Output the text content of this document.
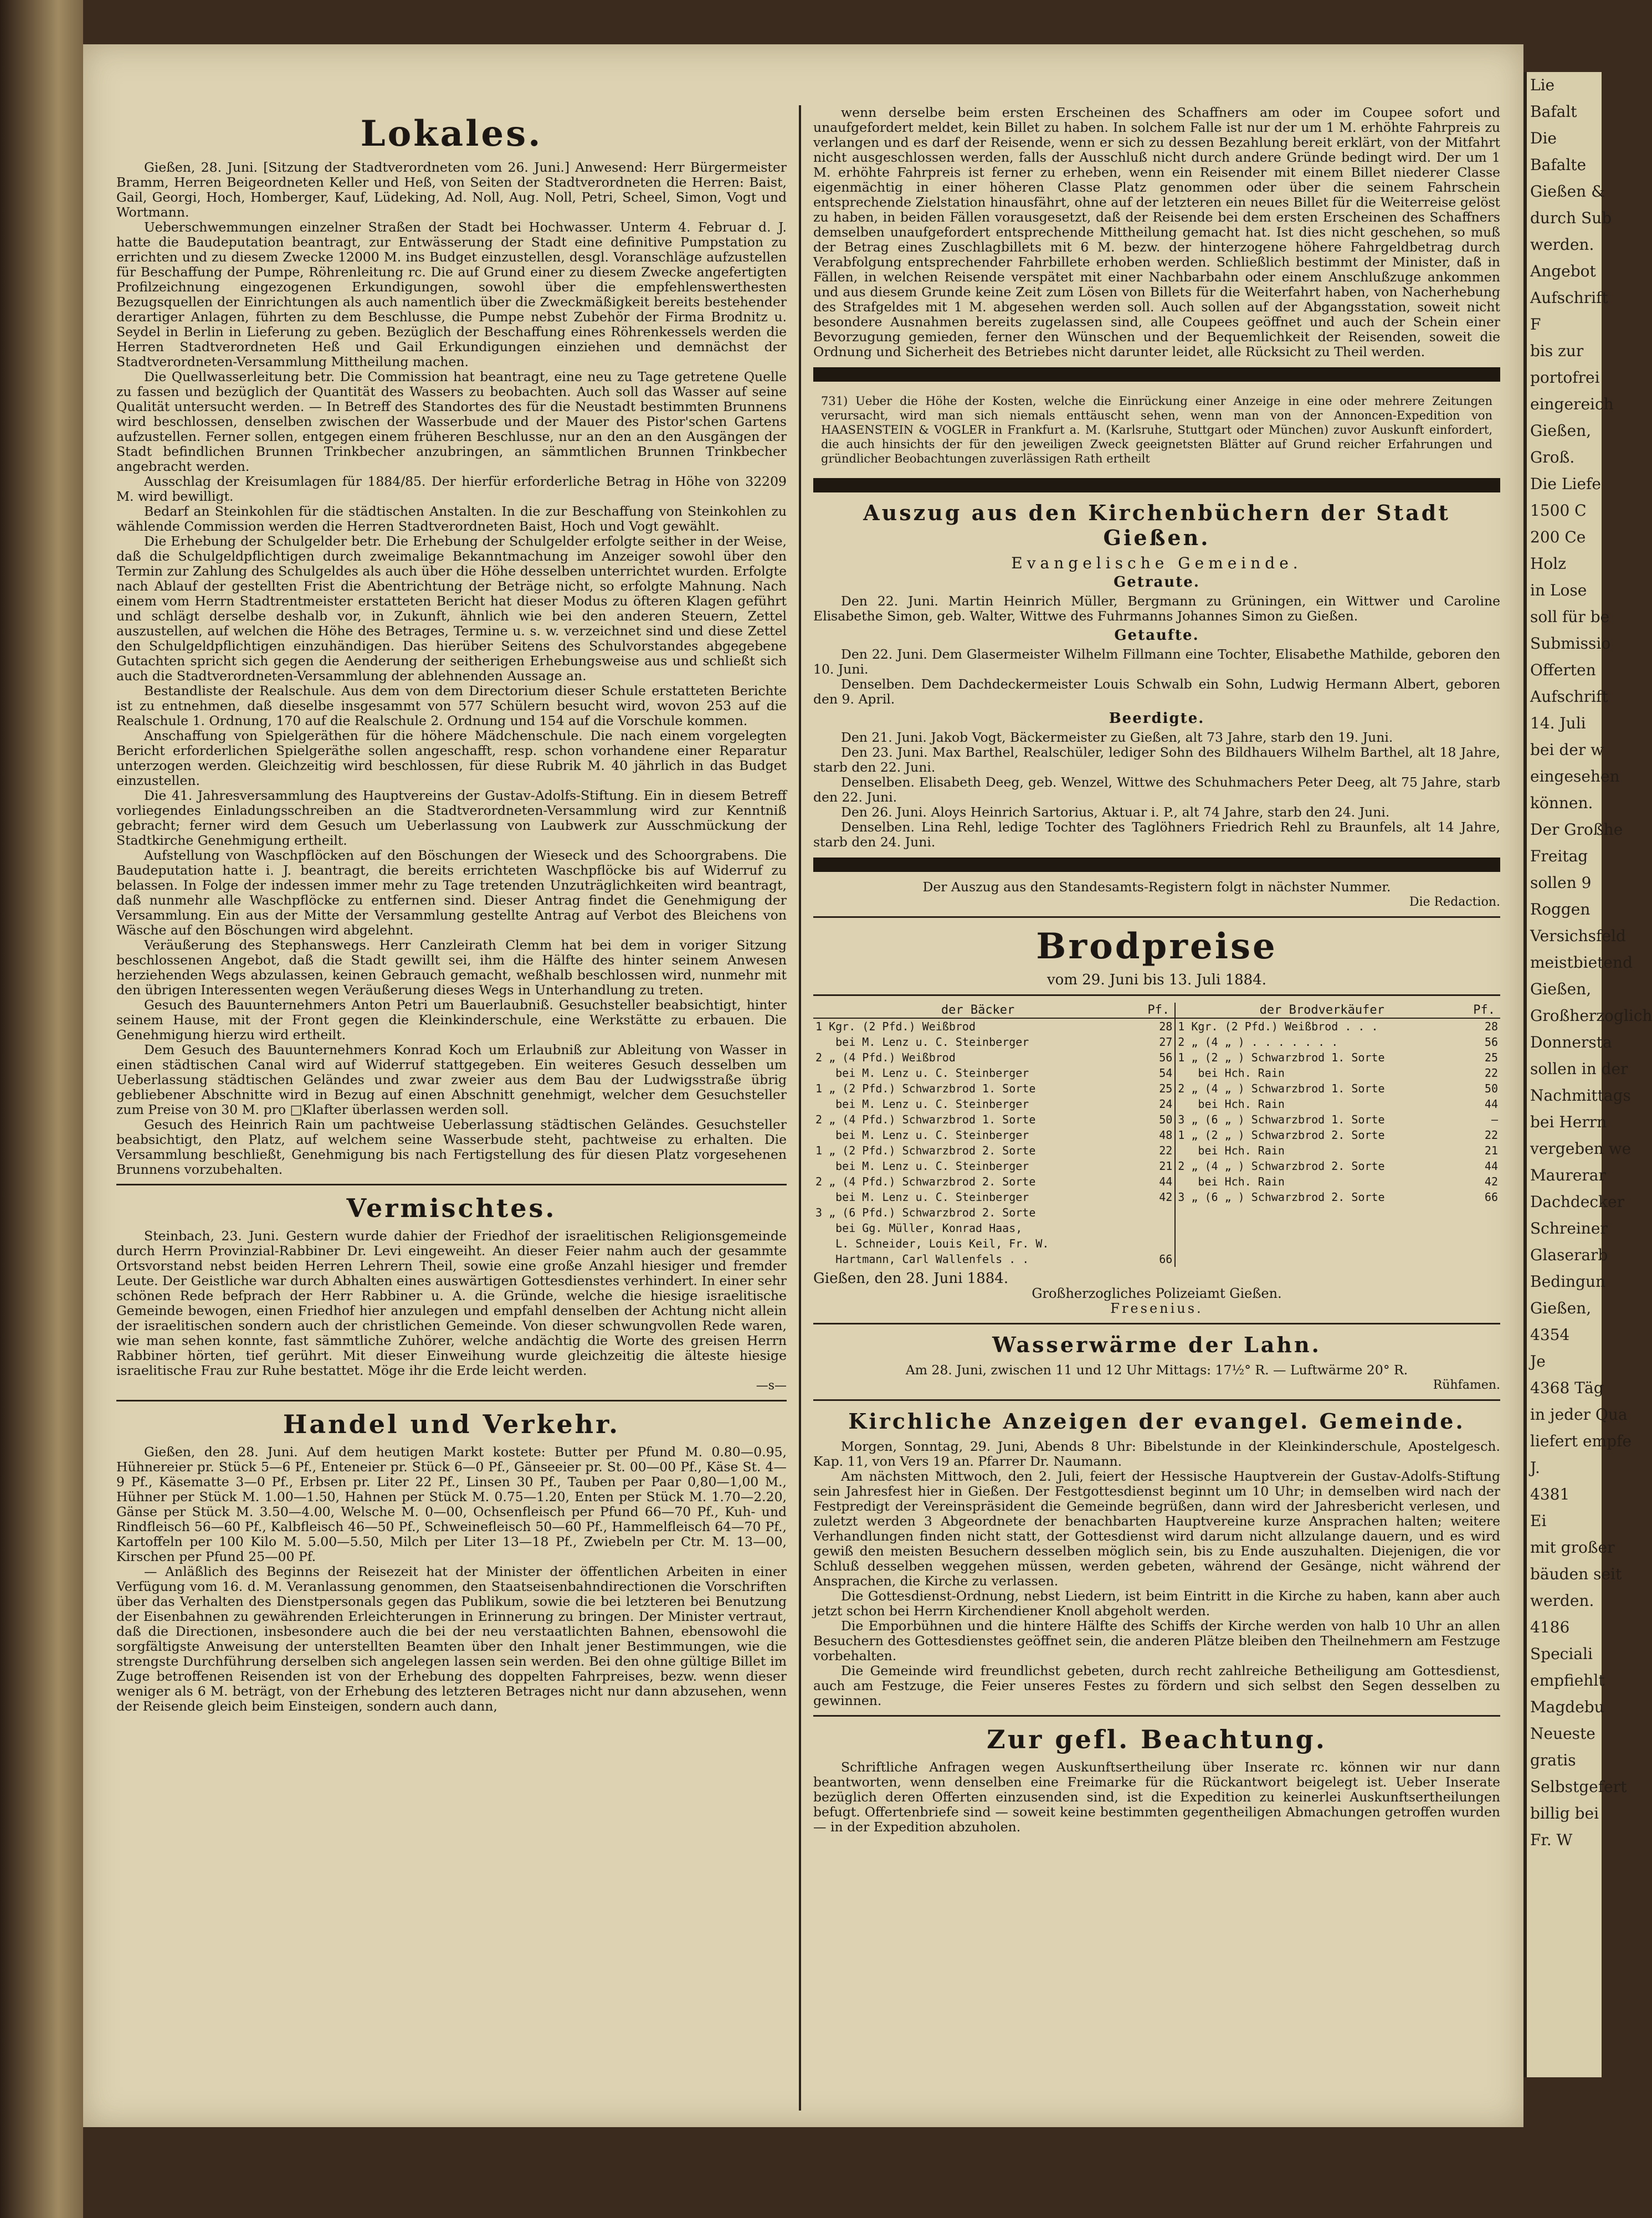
Lokales.

Gießen, 28. Juni. [Sitzung der Stadtverordneten vom 26. Juni.] Anwesend: Herr Bürgermeister Bramm, Herren Beigeordneten Keller und Heß, von Seiten der Stadtverordneten die Herren: Baist, Gail, Georgi, Hoch, Homberger, Kauf, Lüdeking, Ad. Noll, Aug. Noll, Petri, Scheel, Simon, Vogt und Wortmann.

Ueberschwemmungen einzelner Straßen der Stadt bei Hochwasser. Unterm 4. Februar d. J. hatte die Baudeputation beantragt, zur Entwässerung der Stadt eine definitive Pumpstation zu errichten und zu diesem Zwecke 12000 M. ins Budget einzustellen, desgl. Voranschläge aufzustellen für Beschaffung der Pumpe, Röhrenleitung rc. Die auf Grund einer zu diesem Zwecke angefertigten Profilzeichnung eingezogenen Erkundigungen, sowohl über die empfehlenswerthesten Bezugsquellen der Einrichtungen als auch namentlich über die Zweckmäßigkeit bereits bestehender derartiger Anlagen, führten zu dem Beschlusse, die Pumpe nebst Zubehör der Firma Brodnitz u. Seydel in Berlin in Lieferung zu geben. Bezüglich der Beschaffung eines Röhrenkessels werden die Herren Stadtverordneten Heß und Gail Erkundigungen einziehen und demnächst der Stadtverordneten-Versammlung Mittheilung machen.

Die Quellwasserleitung betr. Die Commission hat beantragt, eine neu zu Tage getretene Quelle zu fassen und bezüglich der Quantität des Wassers zu beobachten. Auch soll das Wasser auf seine Qualität untersucht werden. — In Betreff des Standortes des für die Neustadt bestimmten Brunnens wird beschlossen, denselben zwischen der Wasserbude und der Mauer des Pistor'schen Gartens aufzustellen. Ferner sollen, entgegen einem früheren Beschlusse, nur an den an den Ausgängen der Stadt befindlichen Brunnen Trinkbecher anzubringen, an sämmtlichen Brunnen Trinkbecher angebracht werden.

Ausschlag der Kreisumlagen für 1884/85. Der hierfür erforderliche Betrag in Höhe von 32209 M. wird bewilligt.

Bedarf an Steinkohlen für die städtischen Anstalten. In die zur Beschaffung von Steinkohlen zu wählende Commission werden die Herren Stadtverordneten Baist, Hoch und Vogt gewählt.

Die Erhebung der Schulgelder betr. Die Erhebung der Schulgelder erfolgte seither in der Weise, daß die Schulgeldpflichtigen durch zweimalige Bekanntmachung im Anzeiger sowohl über den Termin zur Zahlung des Schulgeldes als auch über die Höhe desselben unterrichtet wurden. Erfolgte nach Ablauf der gestellten Frist die Abentrichtung der Beträge nicht, so erfolgte Mahnung. Nach einem vom Herrn Stadtrentmeister erstatteten Bericht hat dieser Modus zu öfteren Klagen geführt und schlägt derselbe deshalb vor, in Zukunft, ähnlich wie bei den anderen Steuern, Zettel auszustellen, auf welchen die Höhe des Betrages, Termine u. s. w. verzeichnet sind und diese Zettel den Schulgeldpflichtigen einzuhändigen. Das hierüber Seitens des Schulvorstandes abgegebene Gutachten spricht sich gegen die Aenderung der seitherigen Erhebungsweise aus und schließt sich auch die Stadtverordneten-Versammlung der ablehnenden Aussage an.

Bestandliste der Realschule. Aus dem von dem Directorium dieser Schule erstatteten Berichte ist zu entnehmen, daß dieselbe insgesammt von 577 Schülern besucht wird, wovon 253 auf die Realschule 1. Ordnung, 170 auf die Realschule 2. Ordnung und 154 auf die Vorschule kommen.

Anschaffung von Spielgeräthen für die höhere Mädchenschule. Die nach einem vorgelegten Bericht erforderlichen Spielgeräthe sollen angeschafft, resp. schon vorhandene einer Reparatur unterzogen werden. Gleichzeitig wird beschlossen, für diese Rubrik M. 40 jährlich in das Budget einzustellen.

Die 41. Jahresversammlung des Hauptvereins der Gustav-Adolfs-Stiftung. Ein in diesem Betreff vorliegendes Einladungsschreiben an die Stadtverordneten-Versammlung wird zur Kenntniß gebracht; ferner wird dem Gesuch um Ueberlassung von Laubwerk zur Ausschmückung der Stadtkirche Genehmigung ertheilt.

Aufstellung von Waschpflöcken auf den Böschungen der Wieseck und des Schoorgrabens. Die Baudeputation hatte i. J. beantragt, die bereits errichteten Waschpflöcke bis auf Widerruf zu belassen. In Folge der indessen immer mehr zu Tage tretenden Unzuträglichkeiten wird beantragt, daß nunmehr alle Waschpflöcke zu entfernen sind. Dieser Antrag findet die Genehmigung der Versammlung. Ein aus der Mitte der Versammlung gestellte Antrag auf Verbot des Bleichens von Wäsche auf den Böschungen wird abgelehnt.

Veräußerung des Stephanswegs. Herr Canzleirath Clemm hat bei dem in voriger Sitzung beschlossenen Angebot, daß die Stadt gewillt sei, ihm die Hälfte des hinter seinem Anwesen herziehenden Wegs abzulassen, keinen Gebrauch gemacht, weßhalb beschlossen wird, nunmehr mit den übrigen Interessenten wegen Veräußerung dieses Wegs in Unterhandlung zu treten.

Gesuch des Bauunternehmers Anton Petri um Bauerlaubniß. Gesuchsteller beabsichtigt, hinter seinem Hause, mit der Front gegen die Kleinkinderschule, eine Werkstätte zu erbauen. Die Genehmigung hierzu wird ertheilt.

Dem Gesuch des Bauunternehmers Konrad Koch um Erlaubniß zur Ableitung von Wasser in einen städtischen Canal wird auf Widerruf stattgegeben. Ein weiteres Gesuch desselben um Ueberlassung städtischen Geländes und zwar zweier aus dem Bau der Ludwigsstraße übrig gebliebener Abschnitte wird in Bezug auf einen Abschnitt genehmigt, welcher dem Gesuchsteller zum Preise von 30 M. pro □Klafter überlassen werden soll.

Gesuch des Heinrich Rain um pachtweise Ueberlassung städtischen Geländes. Gesuchsteller beabsichtigt, den Platz, auf welchem seine Wasserbude steht, pachtweise zu erhalten. Die Versammlung beschließt, Genehmigung bis nach Fertigstellung des für diesen Platz vorgesehenen Brunnens vorzubehalten.

Vermischtes.

Steinbach, 23. Juni. Gestern wurde dahier der Friedhof der israelitischen Religionsgemeinde durch Herrn Provinzial-Rabbiner Dr. Levi eingeweiht. An dieser Feier nahm auch der gesammte Ortsvorstand nebst beiden Herren Lehrern Theil, sowie eine große Anzahl hiesiger und fremder Leute. Der Geistliche war durch Abhalten eines auswärtigen Gottesdienstes verhindert. In einer sehr schönen Rede befprach der Herr Rabbiner u. A. die Gründe, welche die hiesige israelitische Gemeinde bewogen, einen Friedhof hier anzulegen und empfahl denselben der Achtung nicht allein der israelitischen sondern auch der christlichen Gemeinde. Von dieser schwungvollen Rede waren, wie man sehen konnte, fast sämmtliche Zuhörer, welche andächtig die Worte des greisen Herrn Rabbiner hörten, tief gerührt. Mit dieser Einweihung wurde gleichzeitig die älteste hiesige israelitische Frau zur Ruhe bestattet. Möge ihr die Erde leicht werden.

—s—

Handel und Verkehr.

Gießen, den 28. Juni. Auf dem heutigen Markt kostete: Butter per Pfund M. 0.80—0.95, Hühnereier pr. Stück 5—6 Pf., Enteneier pr. Stück 6—0 Pf., Gänseeier pr. St. 00—00 Pf., Käse St. 4—9 Pf., Käsematte 3—0 Pf., Erbsen pr. Liter 22 Pf., Linsen 30 Pf., Tauben per Paar 0,80—1,00 M., Hühner per Stück M. 1.00—1.50, Hahnen per Stück M. 0.75—1.20, Enten per Stück M. 1.70—2.20, Gänse per Stück M. 3.50—4.00, Welsche M. 0—00, Ochsenfleisch per Pfund 66—70 Pf., Kuh- und Rindfleisch 56—60 Pf., Kalbfleisch 46—50 Pf., Schweinefleisch 50—60 Pf., Hammelfleisch 64—70 Pf., Kartoffeln per 100 Kilo M. 5.00—5.50, Milch per Liter 13—18 Pf., Zwiebeln per Ctr. M. 13—00, Kirschen per Pfund 25—00 Pf.

— Anläßlich des Beginns der Reisezeit hat der Minister der öffentlichen Arbeiten in einer Verfügung vom 16. d. M. Veranlassung genommen, den Staatseisenbahndirectionen die Vorschriften über das Verhalten des Dienstpersonals gegen das Publikum, sowie die bei letzteren bei Benutzung der Eisenbahnen zu gewährenden Erleichterungen in Erinnerung zu bringen. Der Minister vertraut, daß die Directionen, insbesondere auch die bei der neu verstaatlichten Bahnen, ebensowohl die sorgfältigste Anweisung der unterstellten Beamten über den Inhalt jener Bestimmungen, wie die strengste Durchführung derselben sich angelegen lassen sein werden. Bei den ohne gültige Billet im Zuge betroffenen Reisenden ist von der Erhebung des doppelten Fahrpreises, bezw. wenn dieser weniger als 6 M. beträgt, von der Erhebung des letzteren Betrages nicht nur dann abzusehen, wenn der Reisende gleich beim Einsteigen, sondern auch dann,

wenn derselbe beim ersten Erscheinen des Schaffners am oder im Coupee sofort und unaufgefordert meldet, kein Billet zu haben. In solchem Falle ist nur der um 1 M. erhöhte Fahrpreis zu verlangen und es darf der Reisende, wenn er sich zu dessen Bezahlung bereit erklärt, von der Mitfahrt nicht ausgeschlossen werden, falls der Ausschluß nicht durch andere Gründe bedingt wird. Der um 1 M. erhöhte Fahrpreis ist ferner zu erheben, wenn ein Reisender mit einem Billet niederer Classe eigenmächtig in einer höheren Classe Platz genommen oder über die seinem Fahrschein entsprechende Zielstation hinausfährt, ohne auf der letzteren ein neues Billet für die Weiterreise gelöst zu haben, in beiden Fällen vorausgesetzt, daß der Reisende bei dem ersten Erscheinen des Schaffners demselben unaufgefordert entsprechende Mittheilung gemacht hat. Ist dies nicht geschehen, so muß der Betrag eines Zuschlagbillets mit 6 M. bezw. der hinterzogene höhere Fahrgeldbetrag durch Verabfolgung entsprechender Fahrbillete erhoben werden. Schließlich bestimmt der Minister, daß in Fällen, in welchen Reisende verspätet mit einer Nachbarbahn oder einem Anschlußzuge ankommen und aus diesem Grunde keine Zeit zum Lösen von Billets für die Weiterfahrt haben, von Nacherhebung des Strafgeldes mit 1 M. abgesehen werden soll. Auch sollen auf der Abgangsstation, soweit nicht besondere Ausnahmen bereits zugelassen sind, alle Coupees geöffnet und auch der Schein einer Bevorzugung gemieden, ferner den Wünschen und der Bequemlichkeit der Reisenden, soweit die Ordnung und Sicherheit des Betriebes nicht darunter leidet, alle Rücksicht zu Theil werden.

731) Ueber die Höhe der Kosten, welche die Einrückung einer Anzeige in eine oder mehrere Zeitungen verursacht, wird man sich niemals enttäuscht sehen, wenn man von der Annoncen-Expedition von HAASENSTEIN & VOGLER in Frankfurt a. M. (Karlsruhe, Stuttgart oder München) zuvor Auskunft einfordert, die auch hinsichts der für den jeweiligen Zweck geeignetsten Blätter auf Grund reicher Erfahrungen und gründlicher Beobachtungen zuverlässigen Rath ertheilt
Auszug aus den Kirchenbüchern der Stadt Gießen.

Evangelische Gemeinde.

Getraute.

Den 22. Juni. Martin Heinrich Müller, Bergmann zu Grüningen, ein Wittwer und Caroline Elisabethe Simon, geb. Walter, Wittwe des Fuhrmanns Johannes Simon zu Gießen.

Getaufte.

Den 22. Juni. Dem Glasermeister Wilhelm Fillmann eine Tochter, Elisabethe Mathilde, geboren den 10. Juni.

Denselben. Dem Dachdeckermeister Louis Schwalb ein Sohn, Ludwig Hermann Albert, geboren den 9. April.

Beerdigte.

Den 21. Juni. Jakob Vogt, Bäckermeister zu Gießen, alt 73 Jahre, starb den 19. Juni.

Den 23. Juni. Max Barthel, Realschüler, lediger Sohn des Bildhauers Wilhelm Barthel, alt 18 Jahre, starb den 22. Juni.

Denselben. Elisabeth Deeg, geb. Wenzel, Wittwe des Schuhmachers Peter Deeg, alt 75 Jahre, starb den 22. Juni.

Den 26. Juni. Aloys Heinrich Sartorius, Aktuar i. P., alt 74 Jahre, starb den 24. Juni.

Denselben. Lina Rehl, ledige Tochter des Taglöhners Friedrich Rehl zu Braunfels, alt 14 Jahre, starb den 24. Juni.

Der Auszug aus den Standesamts-Registern folgt in nächster Nummer.

Die Redaction.

Brodpreise

vom 29. Juni bis 13. Juli 1884.

der Bäcker	Pf.	der Brodverkäufer	Pf.
1 Kgr. (2 Pfd.) Weißbrod	28	1 Kgr. (2 Pfd.) Weißbrod . . .	28
bei M. Lenz u. C. Steinberger	27	2 „ (4 „ ) . . . . . . .	56
2 „ (4 Pfd.) Weißbrod	56	1 „ (2 „ ) Schwarzbrod 1. Sorte	25
bei M. Lenz u. C. Steinberger	54	bei Hch. Rain	22
1 „ (2 Pfd.) Schwarzbrod 1. Sorte	25	2 „ (4 „ ) Schwarzbrod 1. Sorte	50
bei M. Lenz u. C. Steinberger	24	bei Hch. Rain	44
2 „ (4 Pfd.) Schwarzbrod 1. Sorte	50	3 „ (6 „ ) Schwarzbrod 1. Sorte	—
bei M. Lenz u. C. Steinberger	48	1 „ (2 „ ) Schwarzbrod 2. Sorte	22
1 „ (2 Pfd.) Schwarzbrod 2. Sorte	22	bei Hch. Rain	21
bei M. Lenz u. C. Steinberger	21	2 „ (4 „ ) Schwarzbrod 2. Sorte	44
2 „ (4 Pfd.) Schwarzbrod 2. Sorte	44	bei Hch. Rain	42
bei M. Lenz u. C. Steinberger	42	3 „ (6 „ ) Schwarzbrod 2. Sorte	66
3 „ (6 Pfd.) Schwarzbrod 2. Sorte			
bei Gg. Müller, Konrad Haas,			
L. Schneider, Louis Keil, Fr. W.			
Hartmann, Carl Wallenfels . .	66		

Gießen, den 28. Juni 1884.

Großherzogliches Polizeiamt Gießen.

Fresenius.

Wasserwärme der Lahn.

Am 28. Juni, zwischen 11 und 12 Uhr Mittags: 17½° R. — Luftwärme 20° R.

Rühfamen.

Kirchliche Anzeigen der evangel. Gemeinde.

Morgen, Sonntag, 29. Juni, Abends 8 Uhr: Bibelstunde in der Kleinkinderschule, Apostelgesch. Kap. 11, von Vers 19 an. Pfarrer Dr. Naumann.

Am nächsten Mittwoch, den 2. Juli, feiert der Hessische Hauptverein der Gustav-Adolfs-Stiftung sein Jahresfest hier in Gießen. Der Festgottesdienst beginnt um 10 Uhr; in demselben wird nach der Festpredigt der Vereinspräsident die Gemeinde begrüßen, dann wird der Jahresbericht verlesen, und zuletzt werden 3 Abgeordnete der benachbarten Hauptvereine kurze Ansprachen halten; weitere Verhandlungen finden nicht statt, der Gottesdienst wird darum nicht allzulange dauern, und es wird gewiß den meisten Besuchern desselben möglich sein, bis zu Ende auszuhalten. Diejenigen, die vor Schluß desselben weggehen müssen, werden gebeten, während der Gesänge, nicht während der Ansprachen, die Kirche zu verlassen.

Die Gottesdienst-Ordnung, nebst Liedern, ist beim Eintritt in die Kirche zu haben, kann aber auch jetzt schon bei Herrn Kirchendiener Knoll abgeholt werden.

Die Emporbühnen und die hintere Hälfte des Schiffs der Kirche werden von halb 10 Uhr an allen Besuchern des Gottesdienstes geöffnet sein, die anderen Plätze bleiben den Theilnehmern am Festzuge vorbehalten.

Die Gemeinde wird freundlichst gebeten, durch recht zahlreiche Betheiligung am Gottesdienst, auch am Festzuge, die Feier unseres Festes zu fördern und sich selbst den Segen desselben zu gewinnen.

Zur gefl. Beachtung.

Schriftliche Anfragen wegen Auskunftsertheilung über Inserate rc. können wir nur dann beantworten, wenn denselben eine Freimarke für die Rückantwort beigelegt ist. Ueber Inserate bezüglich deren Offerten einzusenden sind, ist die Expedition zu keinerlei Auskunftsertheilungen befugt. Offertenbriefe sind — soweit keine bestimmten gegentheiligen Abmachungen getroffen wurden — in der Expedition abzuholen.

Lie
Bafalt
Die
Bafalte
Gießen &
durch Sub
werden.
Angebot
Aufschrift
F
bis zur
portofrei
eingereich
Gießen,
Groß.
Die Liefe
1500 C
200 Ce
Holz
in Lose
soll für be
Submissio
Offerten
Aufschrift
14. Juli
bei der w
eingesehen
können.
Der Großhe
Freitag
sollen 9
Roggen
Versichsfeld
meistbietend
Gießen,
Großherzoglich
Donnersta
sollen in der
Nachmittags
bei Herrn
vergeben we
Maurerar
Dachdecker
Schreiner
Glaserarb
Bedingun
Gießen,
4354
Je
4368 Täg
in jeder Qua
liefert empfe
J.
4381
Ei
mit großer
bäuden seit
werden.
4186
Speciali
empfiehlt
Magdebu
Neueste
gratis
Selbstgefert
billig bei
Fr. W
